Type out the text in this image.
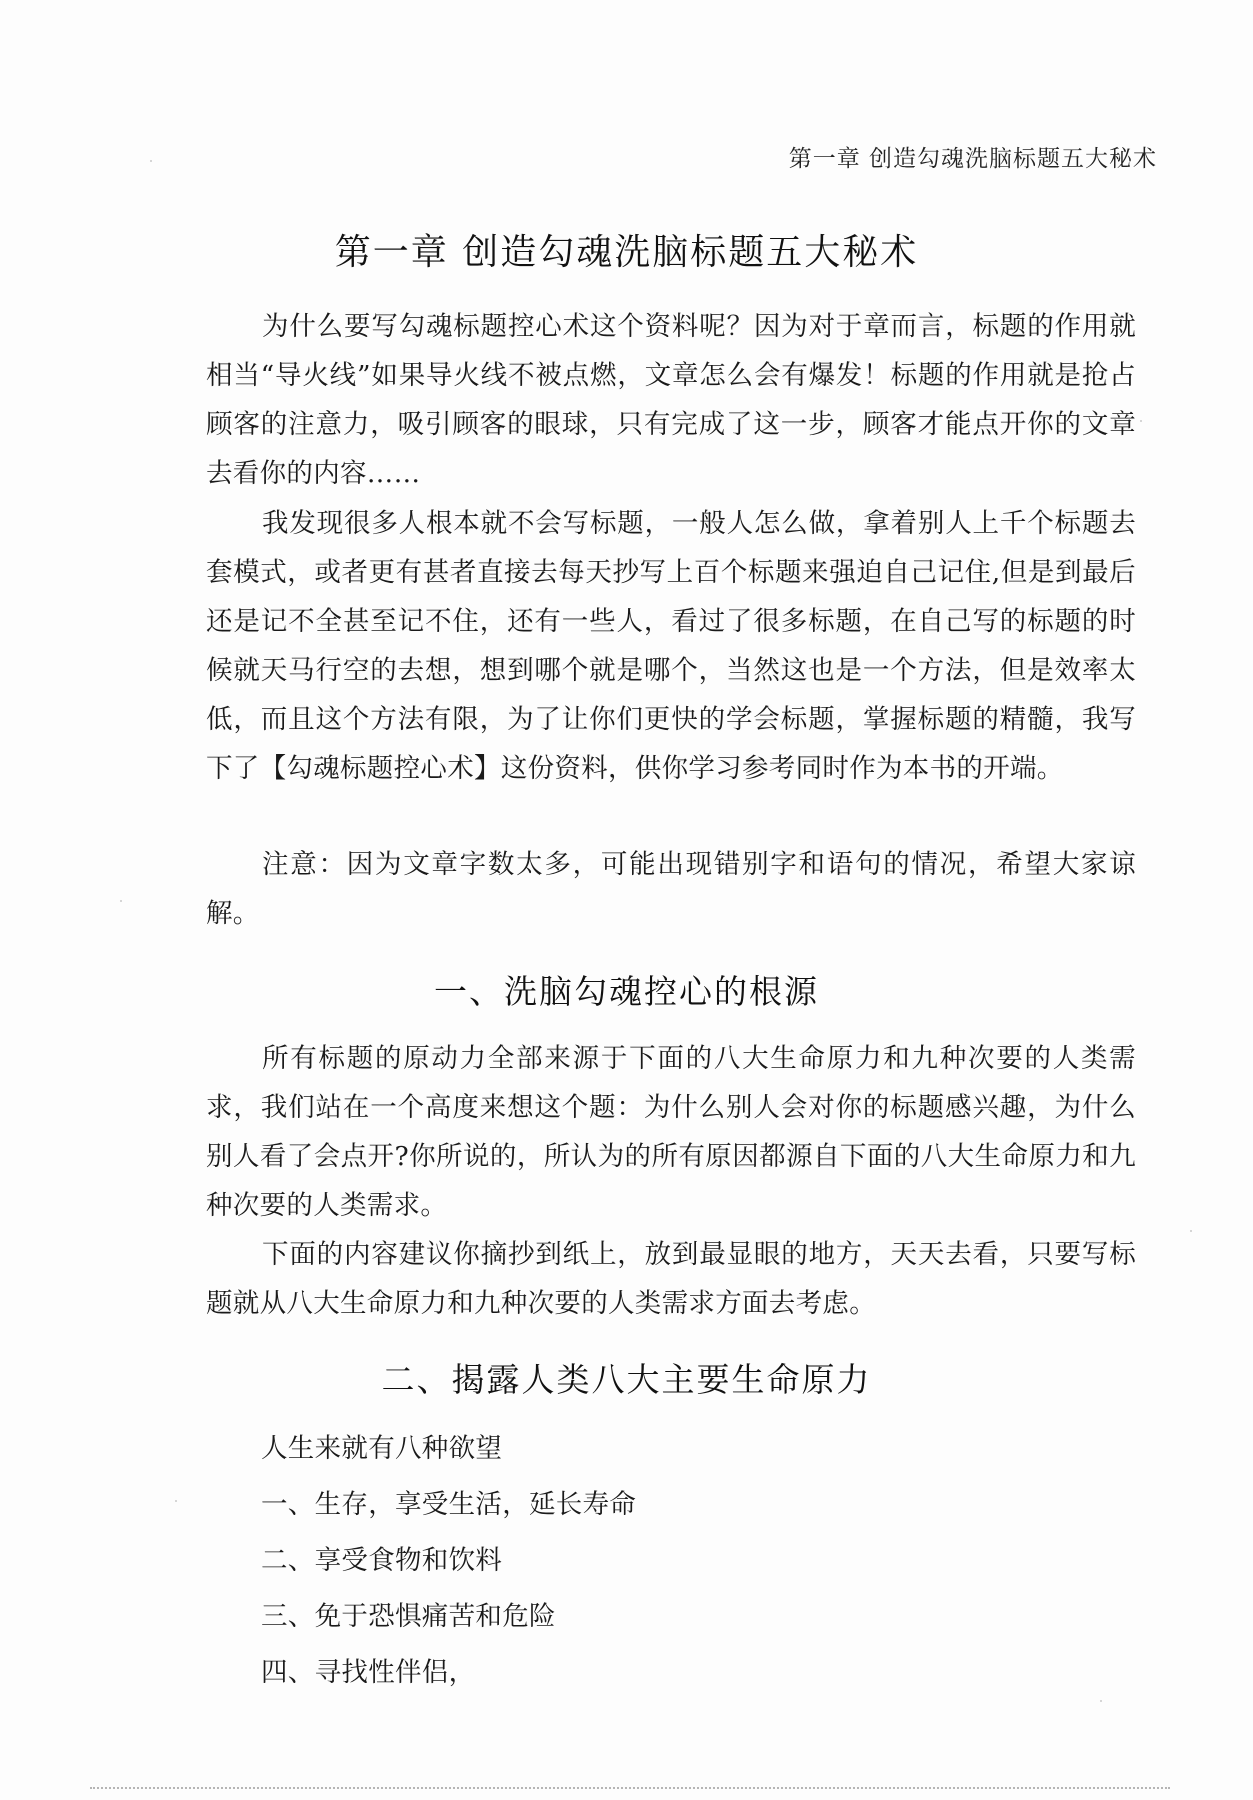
第一章 创造勾魂洗脑标题五大秘术
第一章 创造勾魂洗脑标题五大秘术

为什么要写勾魂标题控心术这个资料呢？因为对于章而言，标题的作用就相当“导火线”如果导火线不被点燃，文章怎么会有爆发！标题的作用就是抢占顾客的注意力，吸引顾客的眼球，只有完成了这一步，顾客才能点开你的文章去看你的内容……

我发现很多人根本就不会写标题，一般人怎么做，拿着别人上千个标题去套模式，或者更有甚者直接去每天抄写上百个标题来强迫自己记住,但是到最后还是记不全甚至记不住，还有一些人，看过了很多标题，在自己写的标题的时候就天马行空的去想，想到哪个就是哪个，当然这也是一个方法，但是效率太低，而且这个方法有限，为了让你们更快的学会标题，掌握标题的精髓，我写下了【勾魂标题控心术】这份资料，供你学习参考同时作为本书的开端。

注意：因为文章字数太多，可能出现错别字和语句的情况，希望大家谅解。

一、洗脑勾魂控心的根源

所有标题的原动力全部来源于下面的八大生命原力和九种次要的人类需求，我们站在一个高度来想这个题：为什么别人会对你的标题感兴趣，为什么别人看了会点开?你所说的，所认为的所有原因都源自下面的八大生命原力和九种次要的人类需求。

下面的内容建议你摘抄到纸上，放到最显眼的地方，天天去看，只要写标题就从八大生命原力和九种次要的人类需求方面去考虑。

二、揭露人类八大主要生命原力
人生来就有八种欲望
一、生存，享受生活，延长寿命
二、享受食物和饮料
三、免于恐惧痛苦和危险
四、寻找性伴侣，
